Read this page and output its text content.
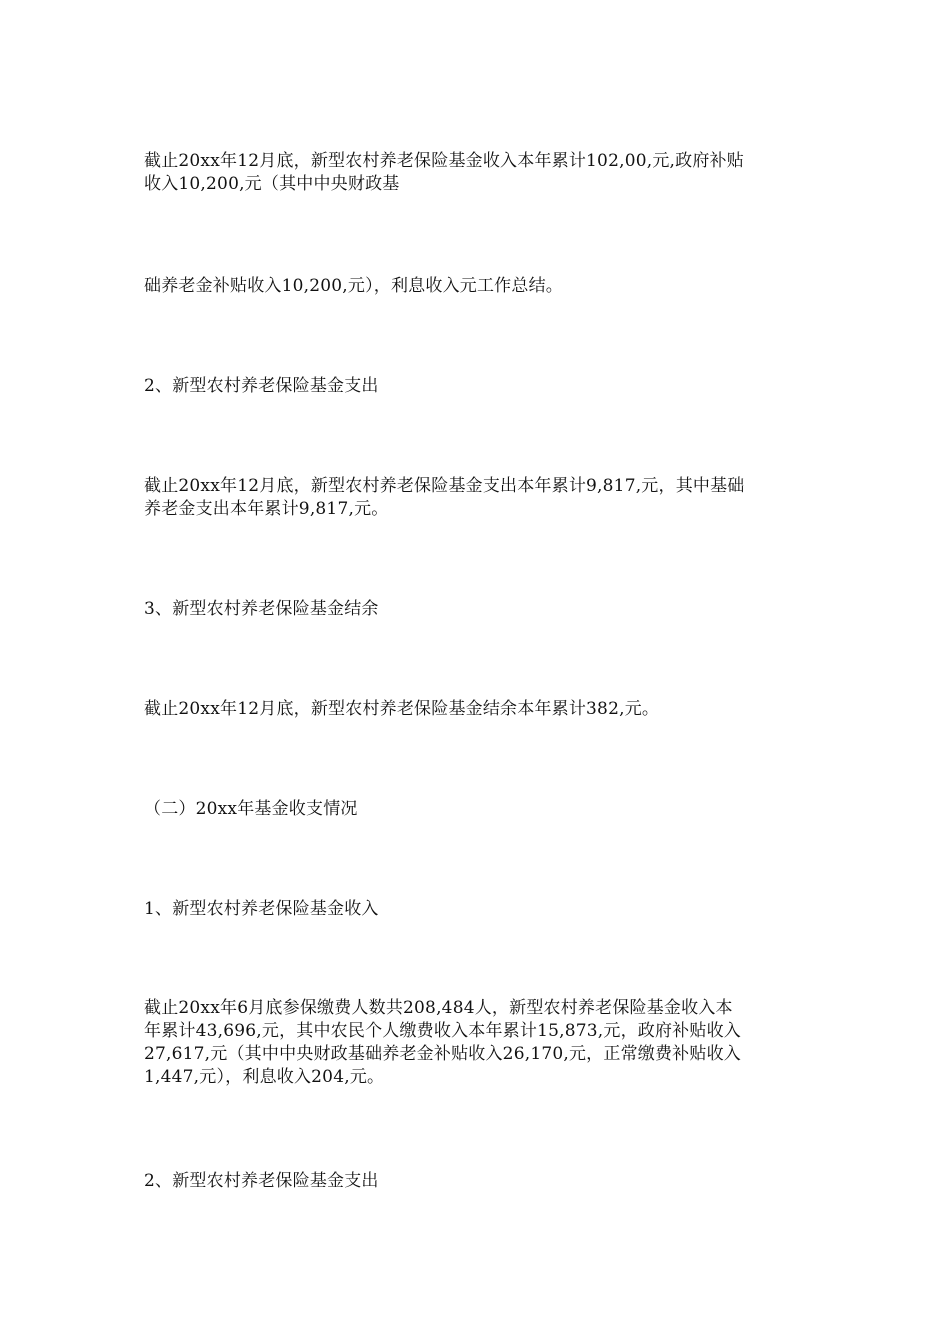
截止20xx年12月底，新型农村养老保险基金收入本年累计102,00,元,政府补贴
收入10,200,元（其中中央财政基

础养老金补贴收入10,200,元），利息收入元工作总结。

2、新型农村养老保险基金支出

截止20xx年12月底，新型农村养老保险基金支出本年累计9,817,元，其中基础
养老金支出本年累计9,817,元。

3、新型农村养老保险基金结余

截止20xx年12月底，新型农村养老保险基金结余本年累计382,元。

（二）20xx年基金收支情况

1、新型农村养老保险基金收入

截止20xx年6月底参保缴费人数共208,484人，新型农村养老保险基金收入本
年累计43,696,元，其中农民个人缴费收入本年累计15,873,元，政府补贴收入
27,617,元（其中中央财政基础养老金补贴收入26,170,元，正常缴费补贴收入
1,447,元），利息收入204,元。

2、新型农村养老保险基金支出
